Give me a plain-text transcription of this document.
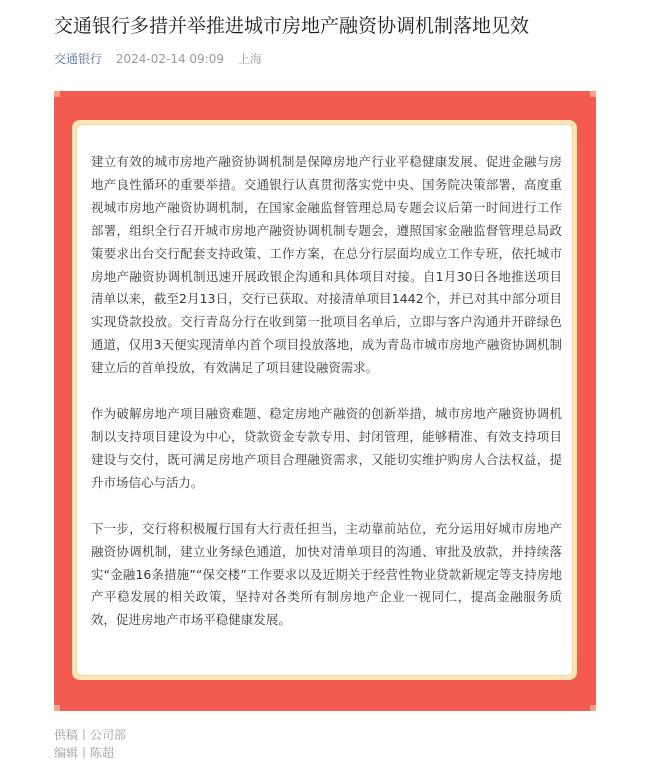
交通银行多措并举推进城市房地产融资协调机制落地见效
交通银行 2024-02-14 09:09 上海

建立有效的城市房地产融资协调机制是保障房地产行业平稳健康发展、促进金融与房地产良性循环的重要举措。交通银行认真贯彻落实党中央、国务院决策部署，高度重视城市房地产融资协调机制，在国家金融监督管理总局专题会议后第一时间进行工作部署，组织全行召开城市房地产融资协调机制专题会，遵照国家金融监督管理总局政策要求出台交行配套支持政策、工作方案，在总分行层面均成立工作专班，依托城市房地产融资协调机制迅速开展政银企沟通和具体项目对接。自1月30日各地推送项目清单以来，截至2月13日，交行已获取、对接清单项目1442个，并已对其中部分项目实现贷款投放。交行青岛分行在收到第一批项目名单后，立即与客户沟通并开辟绿色通道，仅用3天便实现清单内首个项目投放落地，成为青岛市城市房地产融资协调机制建立后的首单投放，有效满足了项目建设融资需求。

作为破解房地产项目融资难题、稳定房地产融资的创新举措，城市房地产融资协调机制以支持项目建设为中心，贷款资金专款专用、封闭管理，能够精准、有效支持项目建设与交付，既可满足房地产项目合理融资需求，又能切实维护购房人合法权益，提升市场信心与活力。

下一步，交行将积极履行国有大行责任担当，主动靠前站位，充分运用好城市房地产融资协调机制，建立业务绿色通道，加快对清单项目的沟通、审批及放款，并持续落实“金融16条措施”“保交楼”工作要求以及近期关于经营性物业贷款新规定等支持房地产平稳发展的相关政策，坚持对各类所有制房地产企业一视同仁，提高金融服务质效，促进房地产市场平稳健康发展。

供稿丨公司部
编辑丨陈超
